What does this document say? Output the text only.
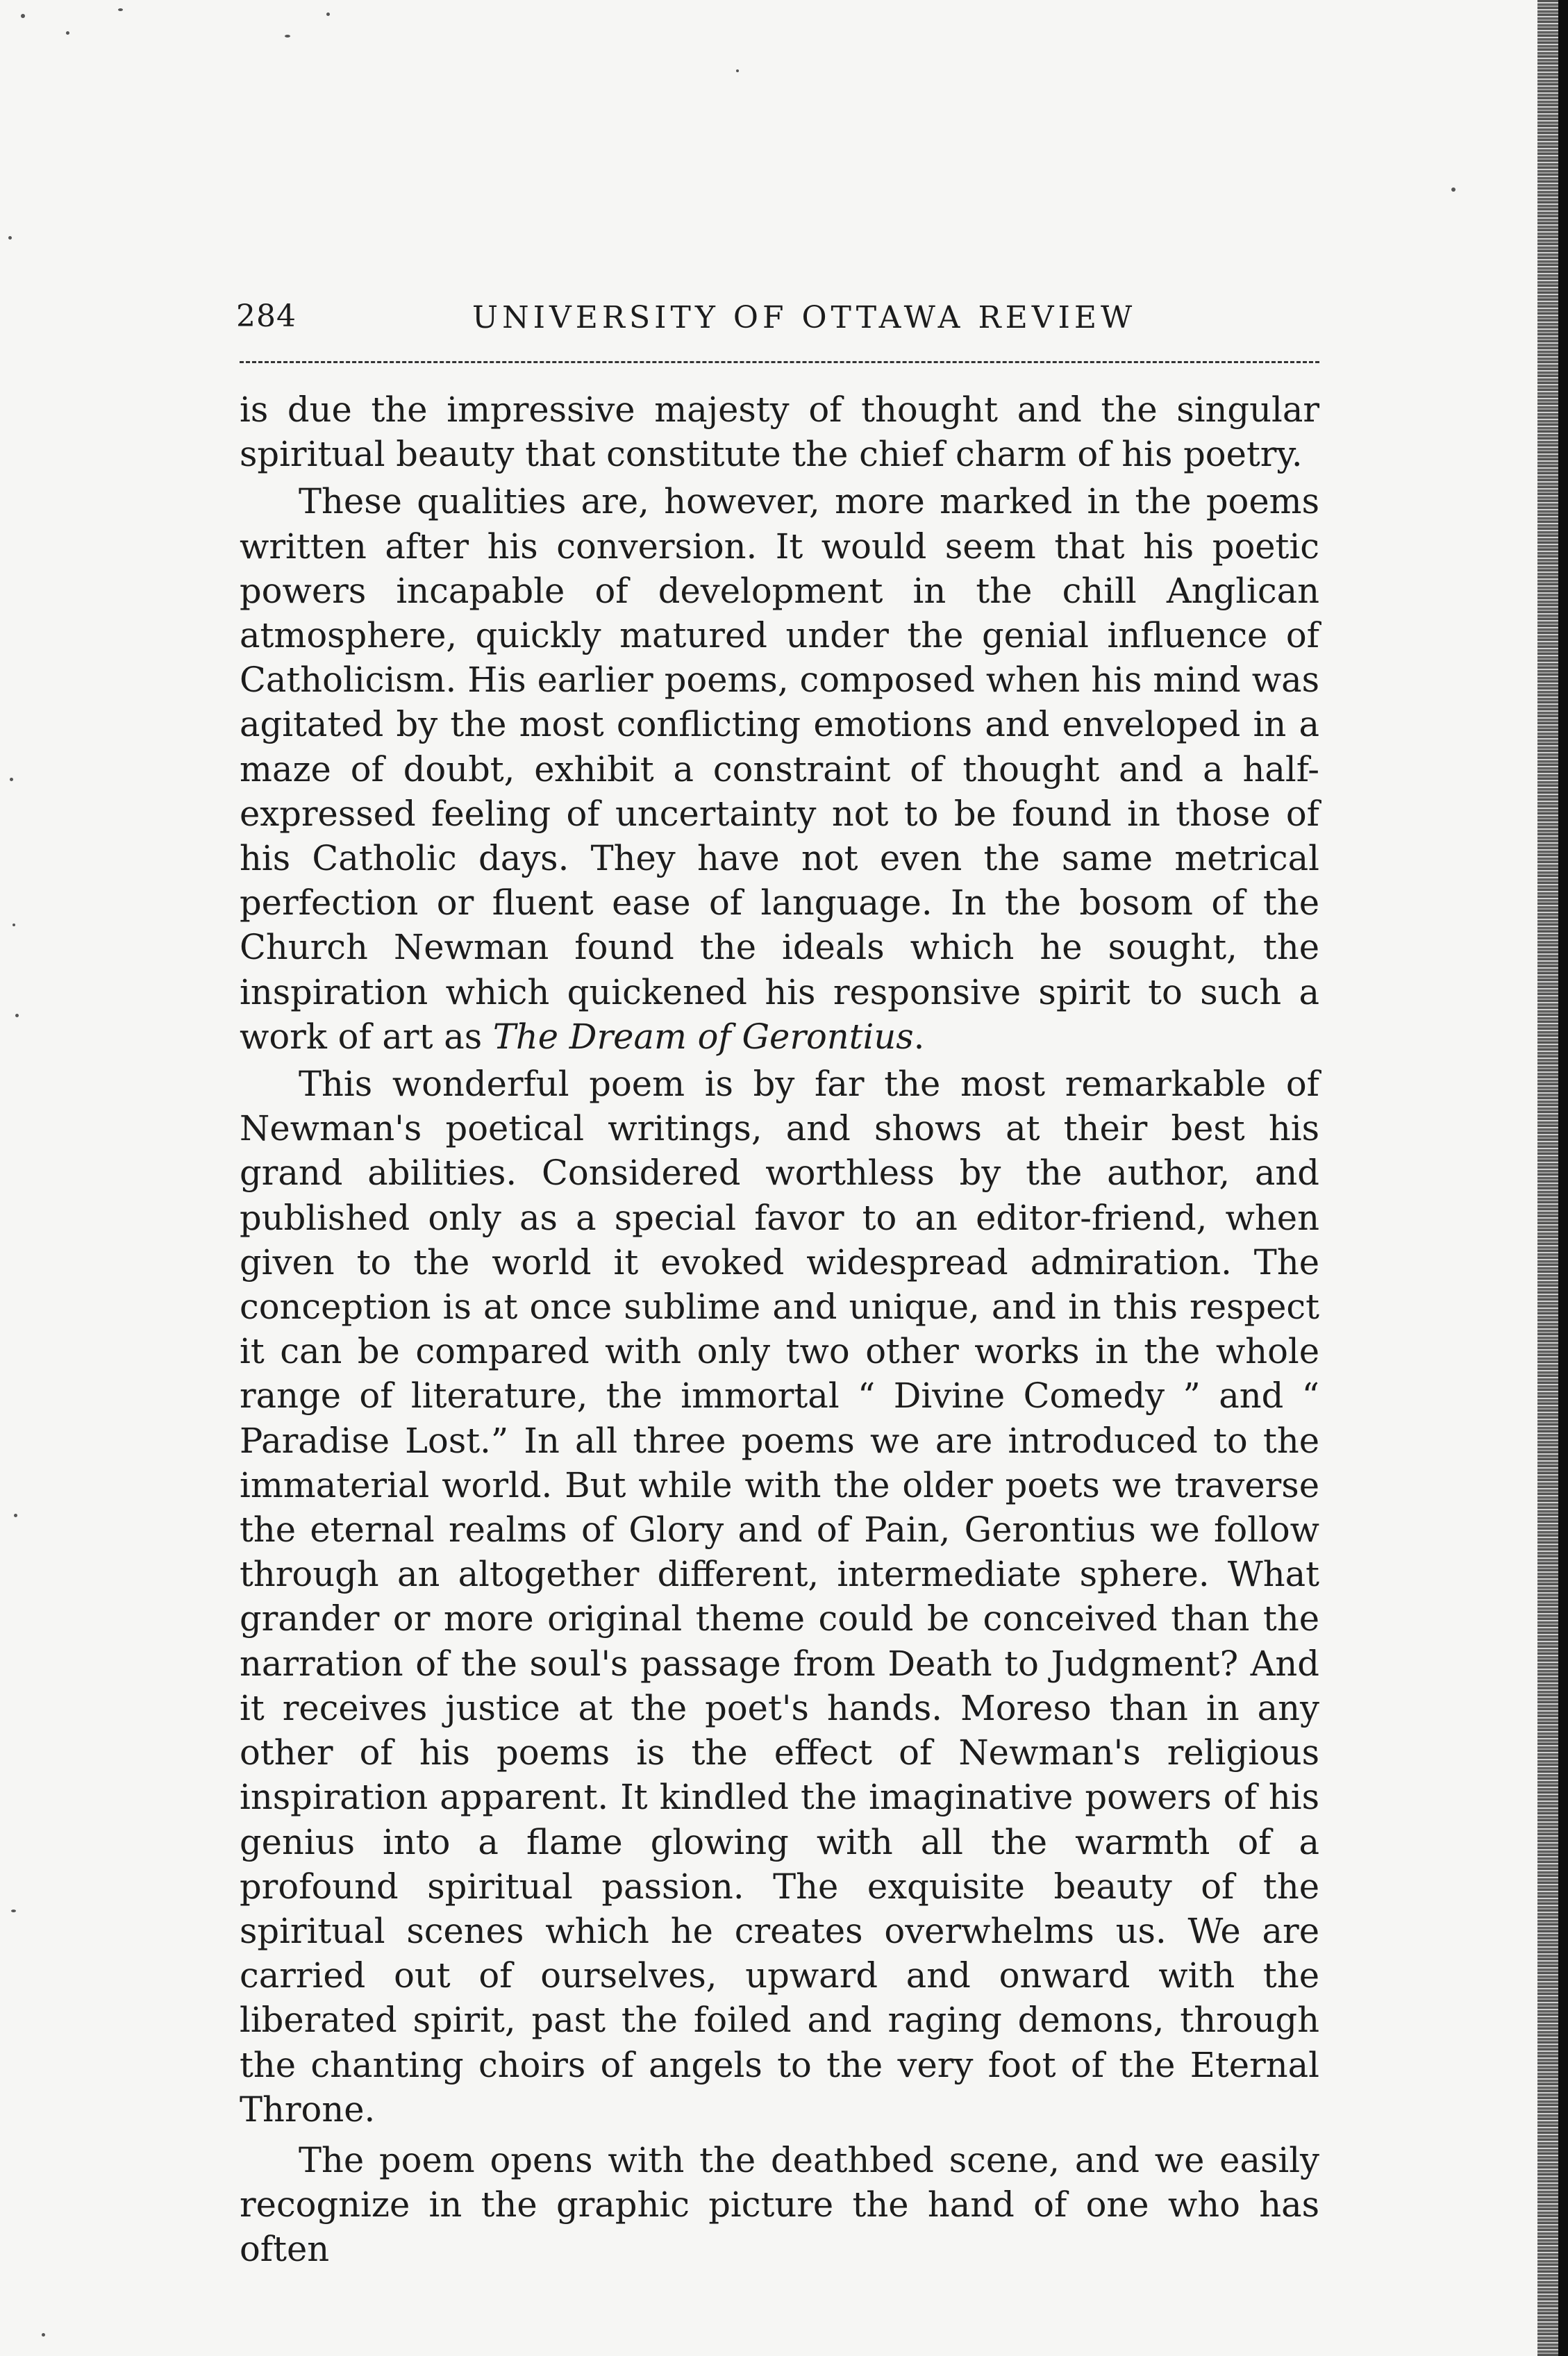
284	UNIVERSITY OF OTTAWA REVIEW

is due the impressive majesty of thought and the singular spiritual beauty that constitute the chief charm of his poetry.

These qualities are, however, more marked in the poems written after his conversion. It would seem that his poetic powers incapable of development in the chill Anglican atmosphere, quickly matured under the genial influence of Catholicism. His earlier poems, composed when his mind was agitated by the most conflicting emotions and enveloped in a maze of doubt, exhibit a constraint of thought and a half-expressed feeling of uncertainty not to be found in those of his Catholic days. They have not even the same metrical perfection or fluent ease of language. In the bosom of the Church Newman found the ideals which he sought, the inspiration which quickened his responsive spirit to such a work of art as The Dream of Gerontius.

This wonderful poem is by far the most remarkable of Newman's poetical writings, and shows at their best his grand abilities. Considered worthless by the author, and published only as a special favor to an editor-friend, when given to the world it evoked widespread admiration. The conception is at once sublime and unique, and in this respect it can be compared with only two other works in the whole range of literature, the immortal “ Divine Comedy ” and “ Paradise Lost.” In all three poems we are introduced to the immaterial world. But while with the older poets we traverse the eternal realms of Glory and of Pain, Gerontius we follow through an altogether different, intermediate sphere. What grander or more original theme could be conceived than the narration of the soul's passage from Death to Judgment? And it receives justice at the poet's hands. Moreso than in any other of his poems is the effect of Newman's religious inspiration apparent. It kindled the imaginative powers of his genius into a flame glowing with all the warmth of a profound spiritual passion. The exquisite beauty of the spiritual scenes which he creates overwhelms us. We are carried out of ourselves, upward and onward with the liberated spirit, past the foiled and raging demons, through the chanting choirs of angels to the very foot of the Eternal Throne.

The poem opens with the deathbed scene, and we easily recognize in the graphic picture the hand of one who has often
